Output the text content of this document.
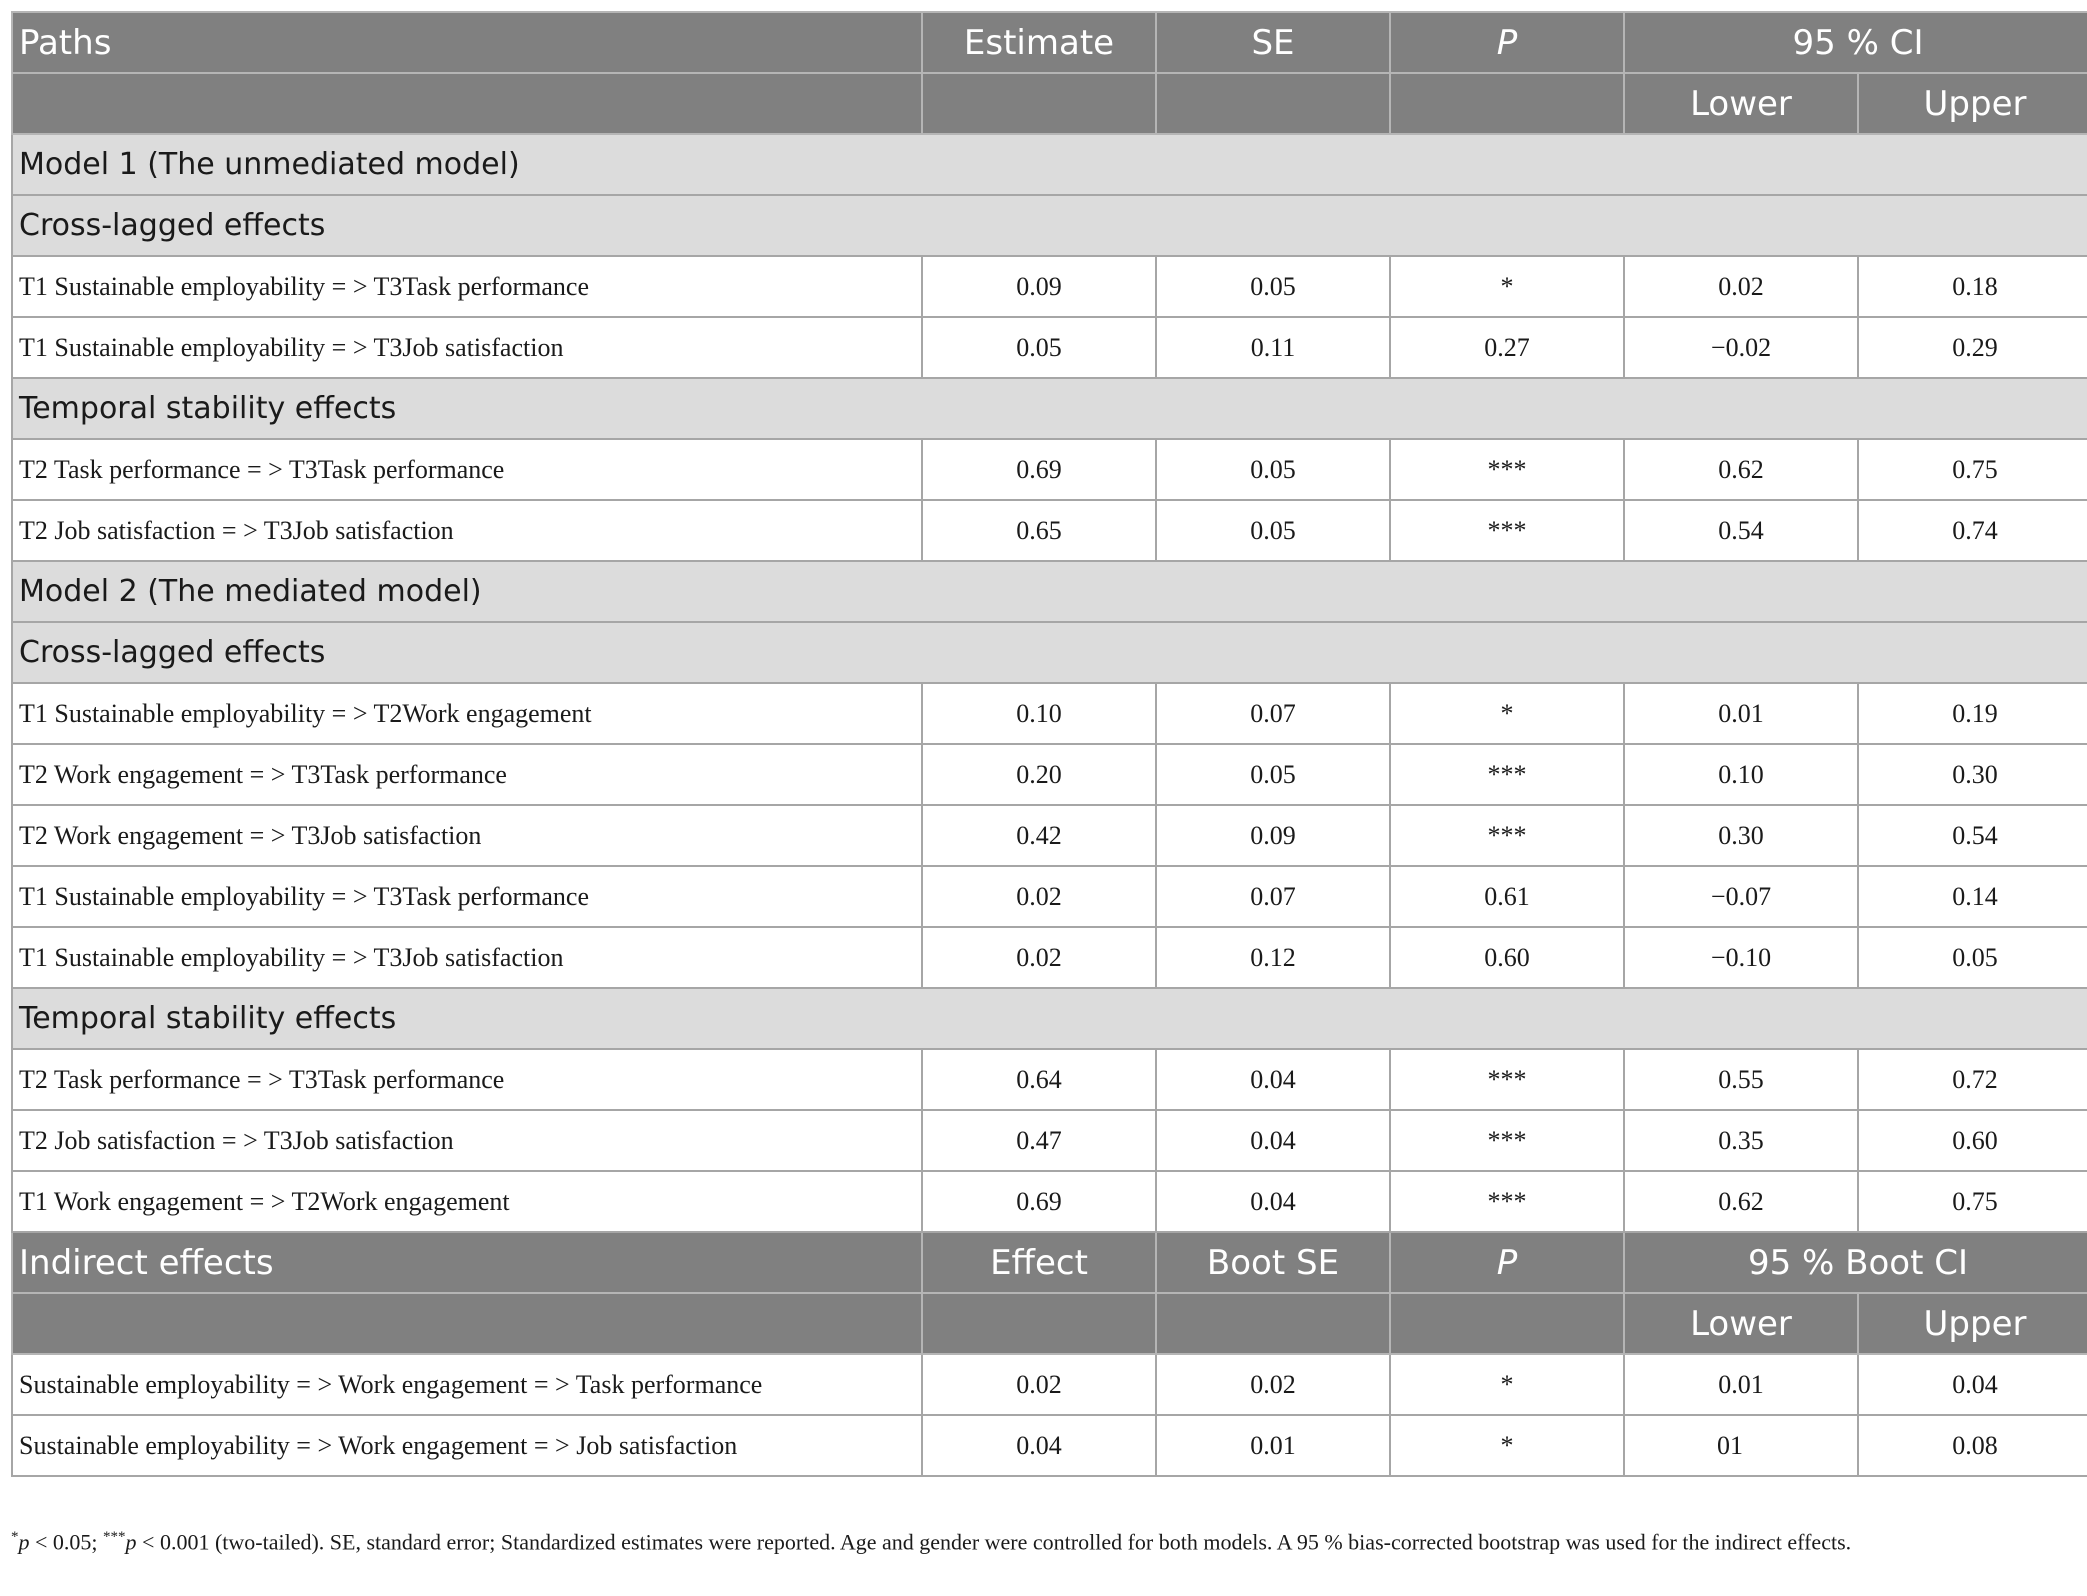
Paths	Estimate	SE	P	95 % CI	
				Lower	Upper
Model 1 (The unmediated model)					
Cross-lagged effects					
T1 Sustainable employability = > T3Task performance	0.09	0.05	*	0.02	0.18
T1 Sustainable employability = > T3Job satisfaction	0.05	0.11	0.27	−0.02	0.29
Temporal stability effects					
T2 Task performance = > T3Task performance	0.69	0.05	***	0.62	0.75
T2 Job satisfaction = > T3Job satisfaction	0.65	0.05	***	0.54	0.74
Model 2 (The mediated model)					
Cross-lagged effects					
T1 Sustainable employability = > T2Work engagement	0.10	0.07	*	0.01	0.19
T2 Work engagement = > T3Task performance	0.20	0.05	***	0.10	0.30
T2 Work engagement = > T3Job satisfaction	0.42	0.09	***	0.30	0.54
T1 Sustainable employability = > T3Task performance	0.02	0.07	0.61	−0.07	0.14
T1 Sustainable employability = > T3Job satisfaction	0.02	0.12	0.60	−0.10	0.05
Temporal stability effects					
T2 Task performance = > T3Task performance	0.64	0.04	***	0.55	0.72
T2 Job satisfaction = > T3Job satisfaction	0.47	0.04	***	0.35	0.60
T1 Work engagement = > T2Work engagement	0.69	0.04	***	0.62	0.75
Indirect effects	Effect	Boot SE	P	95 % Boot CI	
				Lower	Upper
Sustainable employability = > Work engagement = > Task performance	0.02	0.02	*	0.01	0.04
Sustainable employability = > Work engagement = > Job satisfaction	0.04	0.01	*	01	0.08
*p < 0.05; ***p < 0.001 (two-tailed). SE, standard error; Standardized estimates were reported. Age and gender were controlled for both models. A 95 % bias-corrected bootstrap was used for the indirect effects.
